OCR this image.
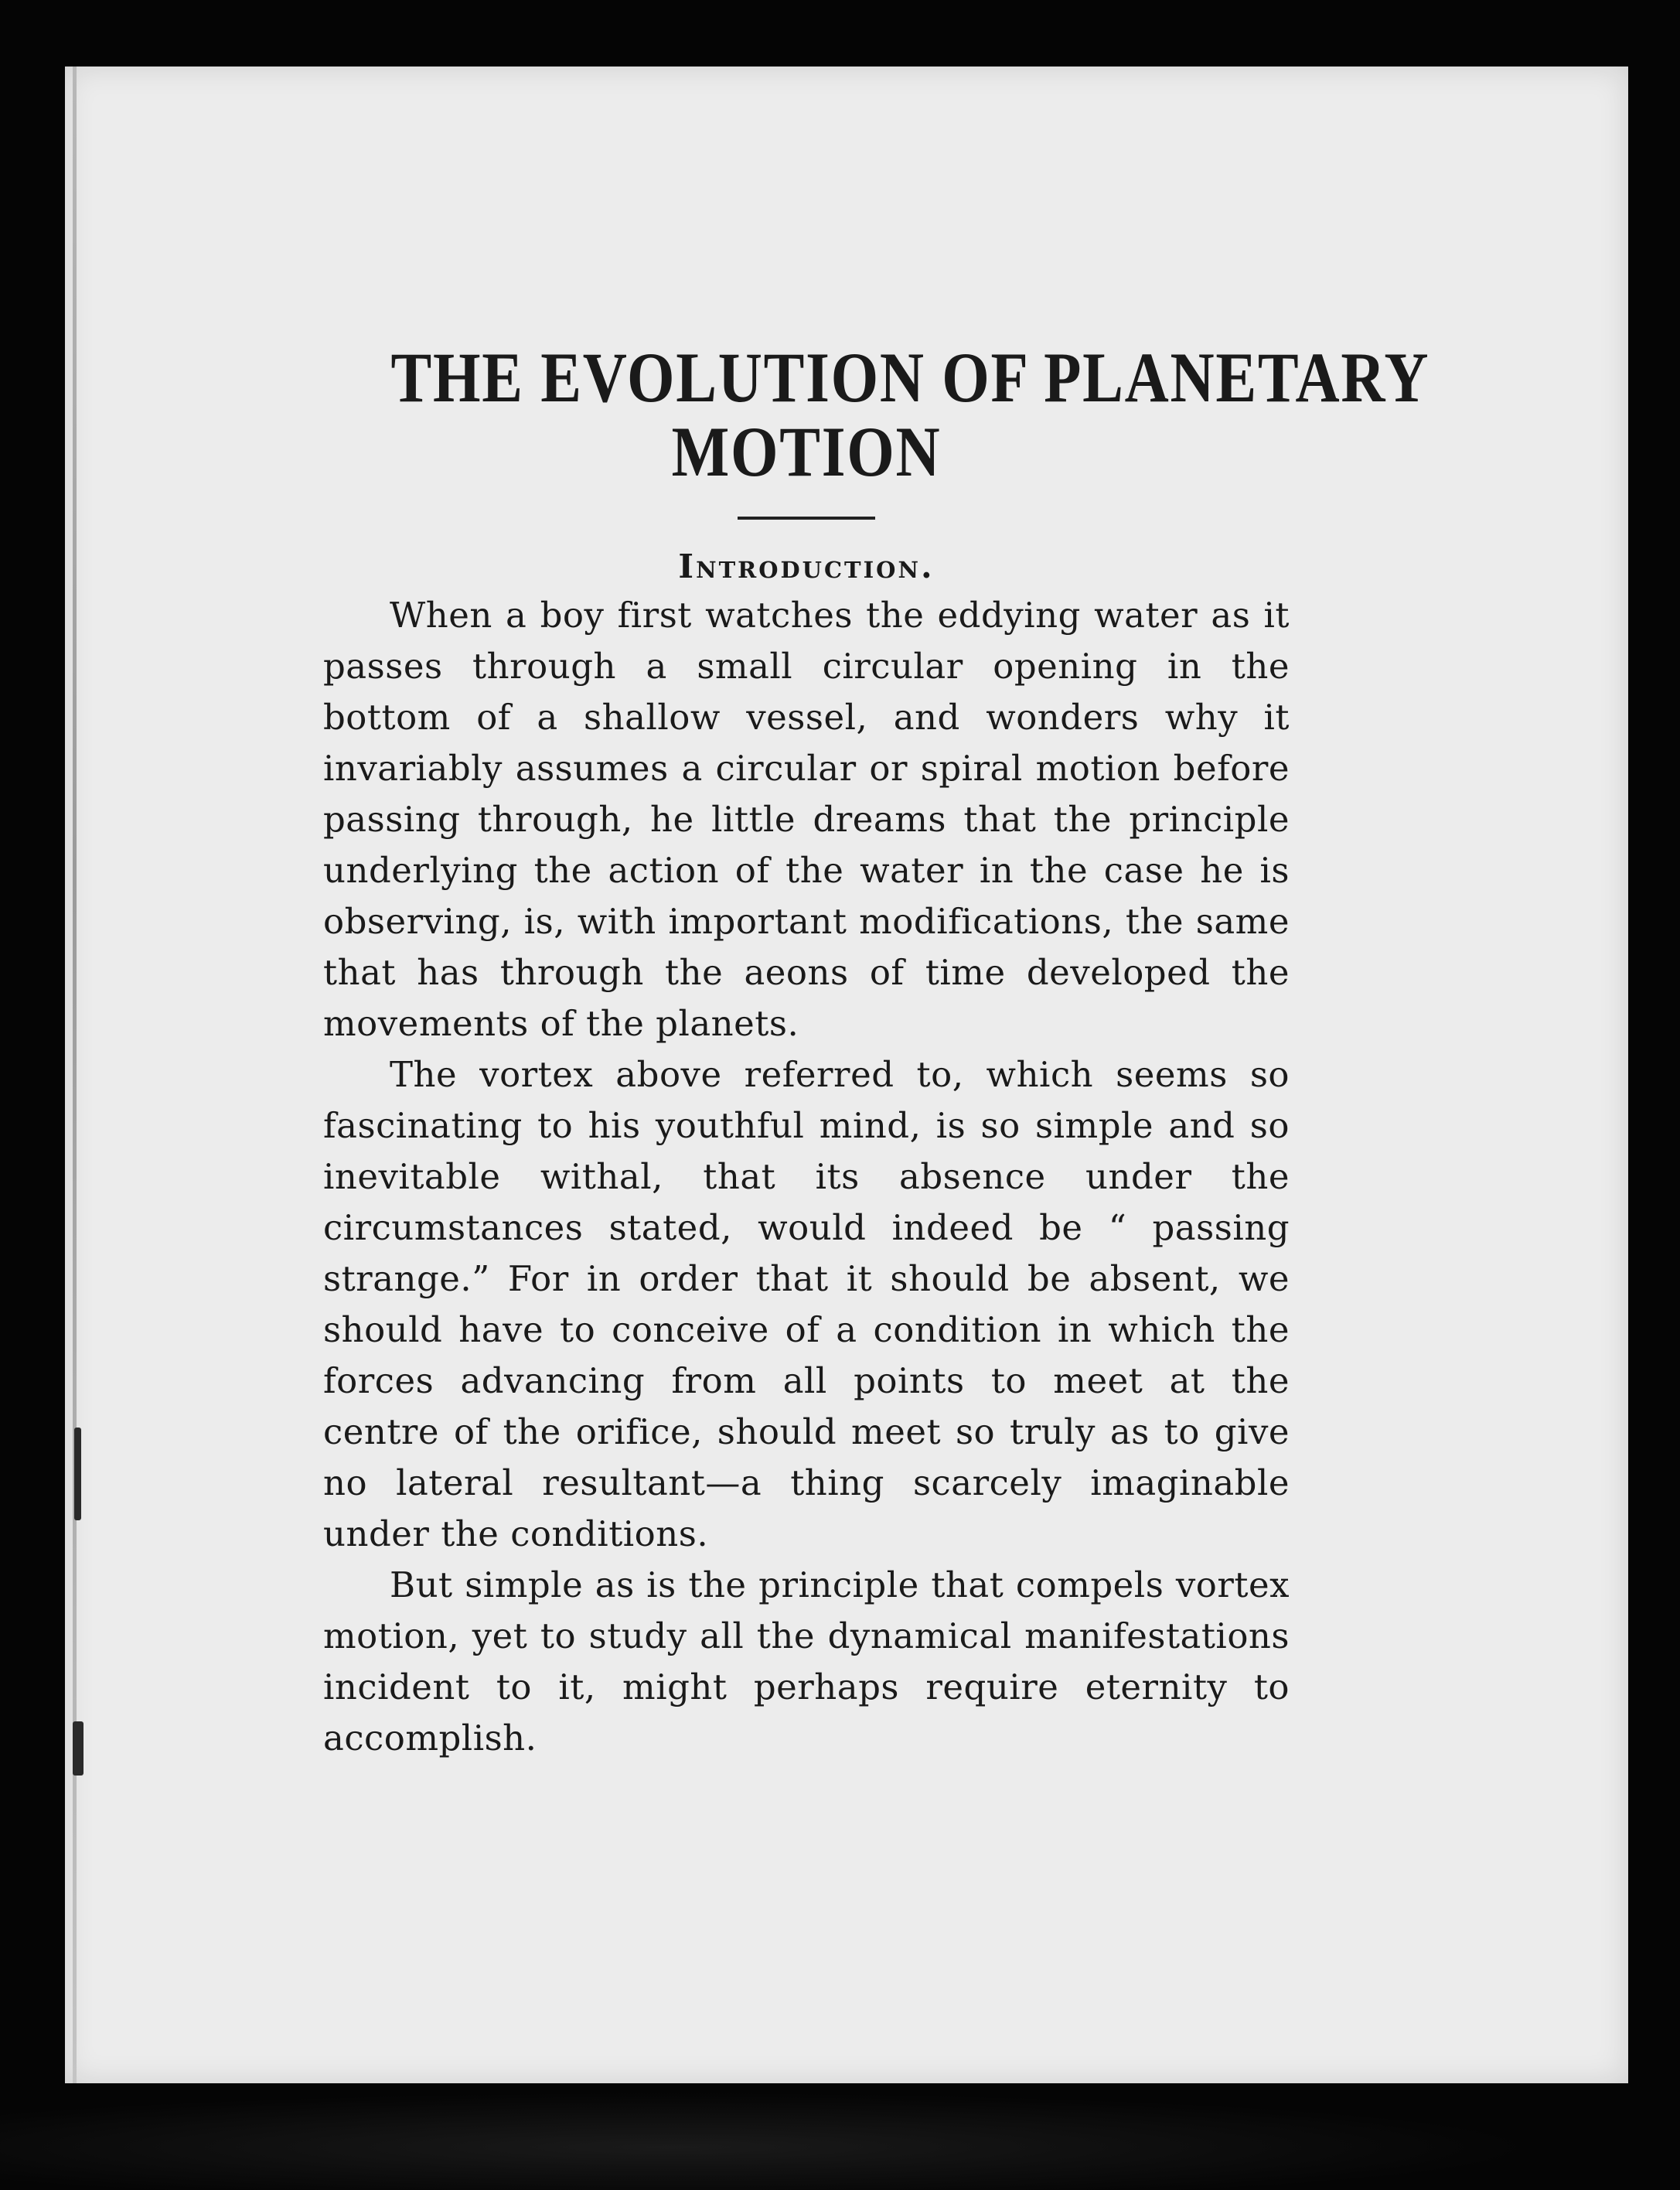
THE EVOLUTION OF PLANETARY
MOTION
Introduction.

When a boy first watches the eddying water as it passes through a small circular opening in the bottom of a shallow vessel, and wonders why it invariably assumes a circular or spiral motion before passing through, he little dreams that the principle underlying the action of the water in the case he is observing, is, with important modifications, the same that has through the aeons of time developed the movements of the planets.

The vortex above referred to, which seems so fascinating to his youthful mind, is so simple and so inevitable withal, that its absence under the circumstances stated, would indeed be “ passing strange.” For in order that it should be absent, we should have to conceive of a condition in which the forces advancing from all points to meet at the centre of the orifice, should meet so truly as to give no lateral resultant—a thing scarcely imaginable under the conditions.

But simple as is the principle that compels vortex motion, yet to study all the dynamical manifestations incident to it, might perhaps require eternity to accomplish.
